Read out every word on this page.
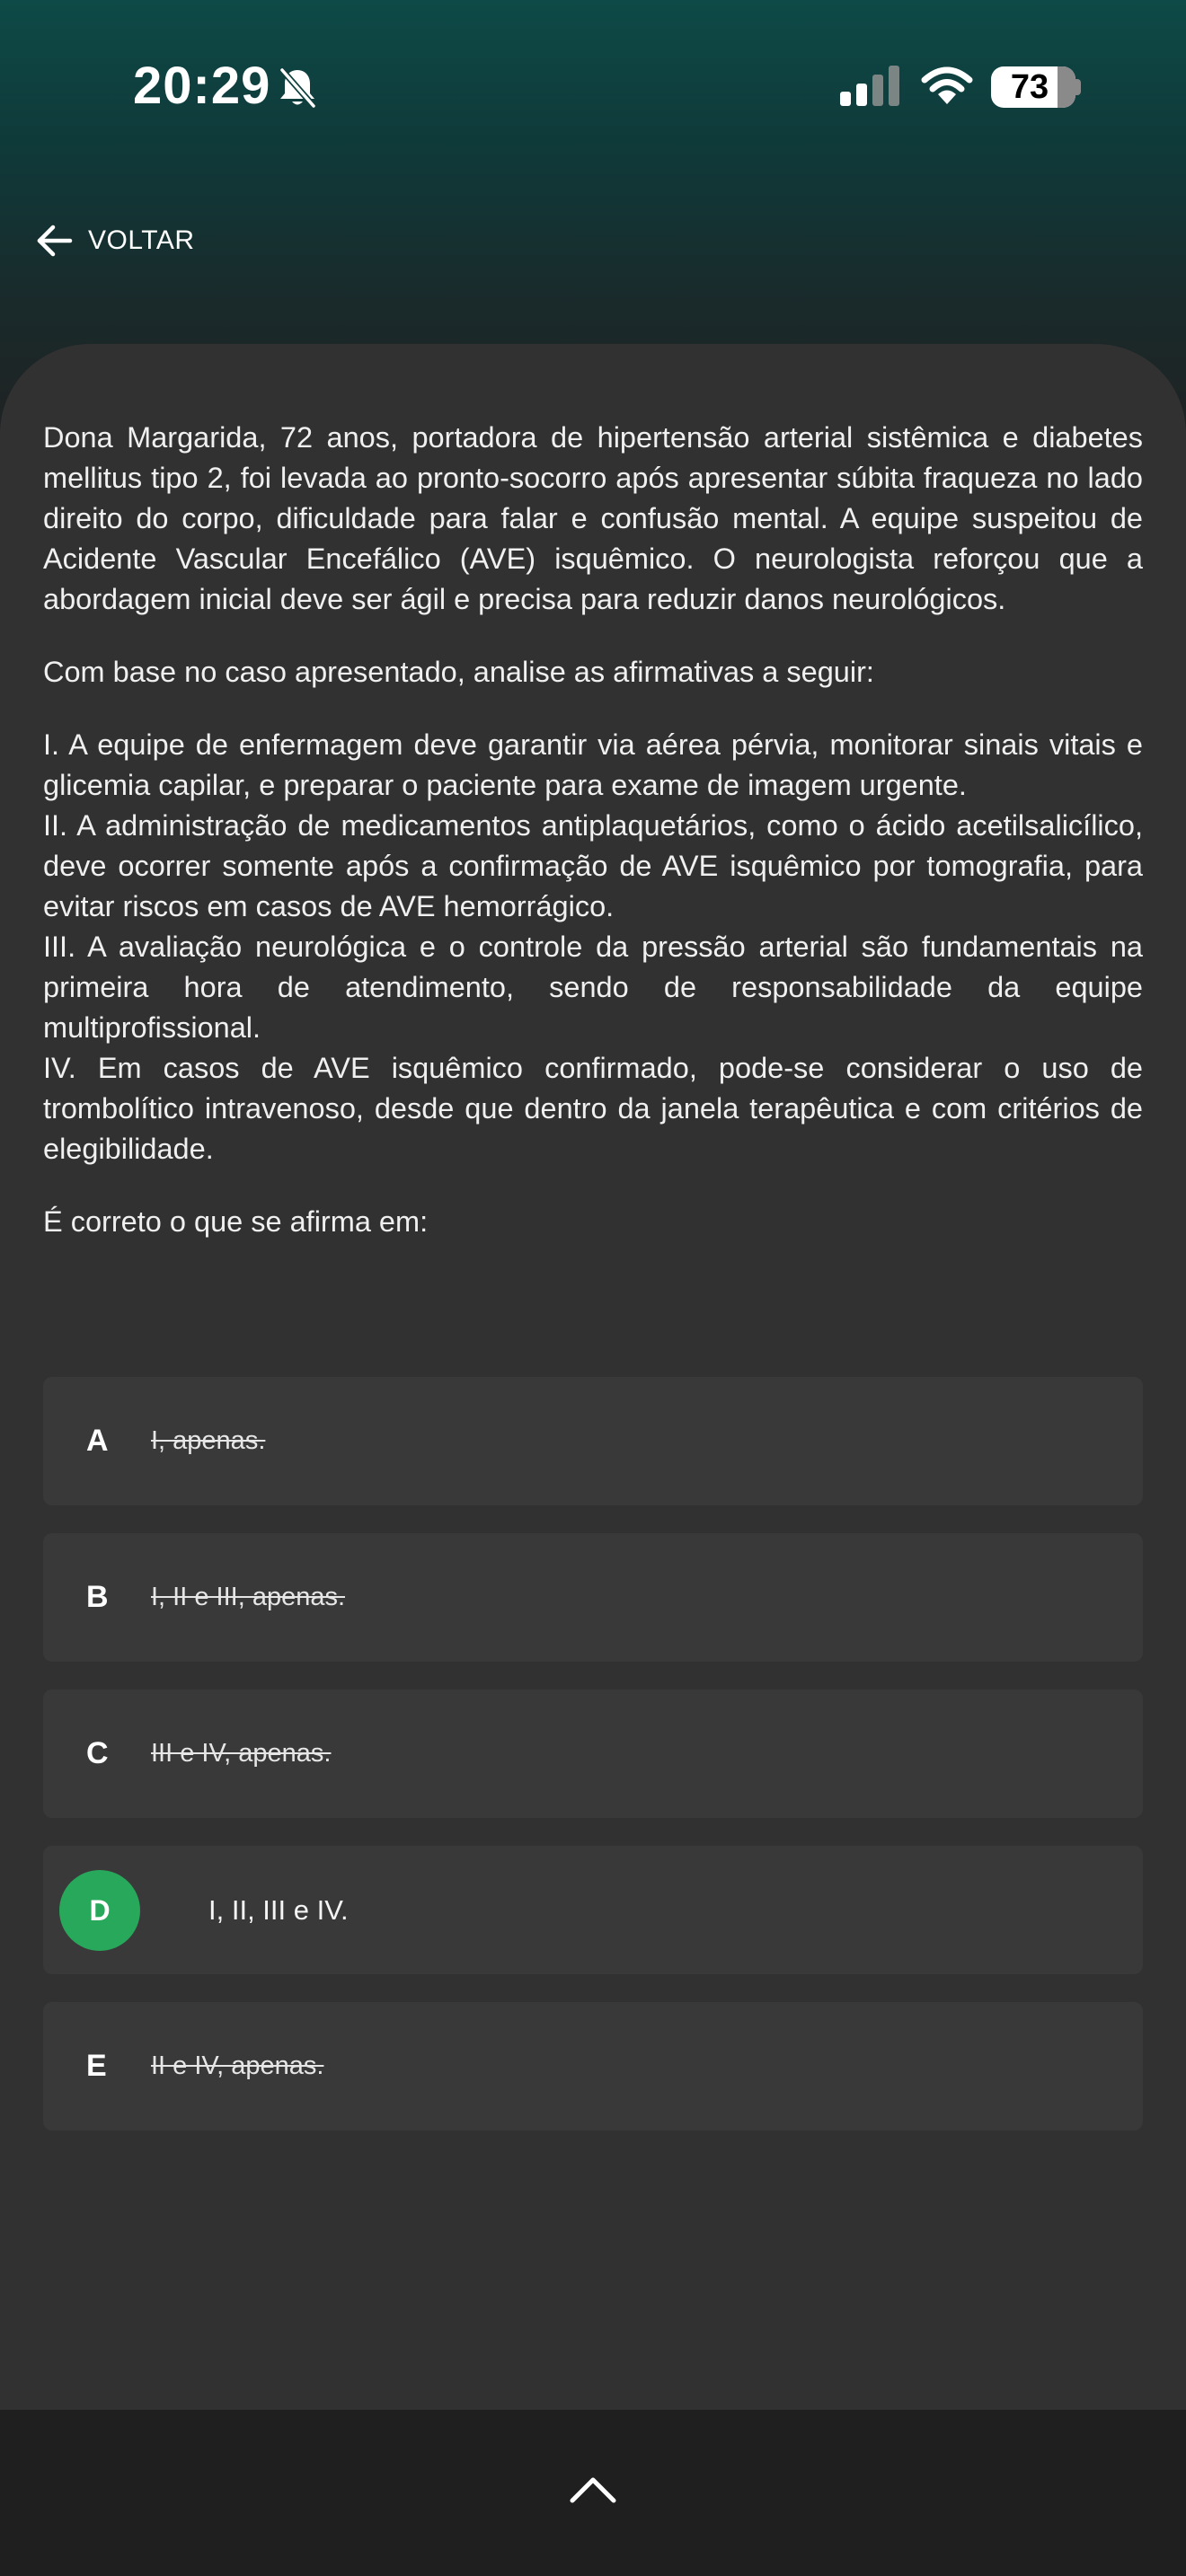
20:29	73
VOLTAR

Dona Margarida, 72 anos, portadora de hipertensão arterial sistêmica e diabetes mellitus tipo 2, foi levada ao pronto-socorro após apresentar súbita fraqueza no lado direito do corpo, dificuldade para falar e confusão mental. A equipe suspeitou de Acidente Vascular Encefálico (AVE) isquêmico. O neurologista reforçou que a abordagem inicial deve ser ágil e precisa para reduzir danos neurológicos.

Com base no caso apresentado, analise as afirmativas a seguir:

I. A equipe de enfermagem deve garantir via aérea pérvia, monitorar sinais vitais e glicemia capilar, e preparar o paciente para exame de imagem urgente.

II. A administração de medicamentos antiplaquetários, como o ácido acetilsalicílico, deve ocorrer somente após a confirmação de AVE isquêmico por tomografia, para evitar riscos em casos de AVE hemorrágico.

III. A avaliação neurológica e o controle da pressão arterial são fundamentais na primeira hora de atendimento, sendo de responsabilidade da equipe multiprofissional.

IV. Em casos de AVE isquêmico confirmado, pode-se considerar o uso de trombolítico intravenoso, desde que dentro da janela terapêutica e com critérios de elegibilidade.

É correto o que se afirma em:

A I, apenas.
B I, II e III, apenas.
C III e IV, apenas.
D	I, II, III e IV.
E II e IV, apenas.
